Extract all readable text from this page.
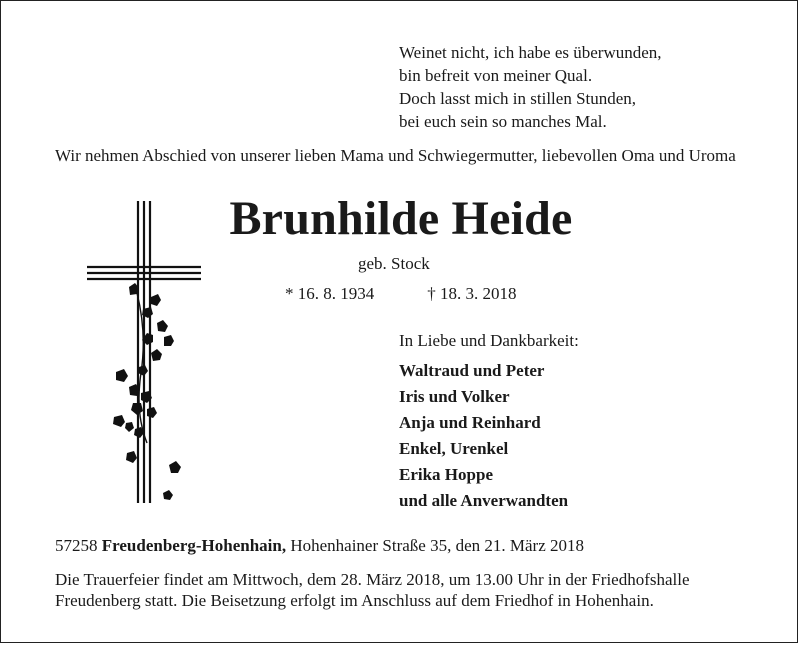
Weinet nicht, ich habe es überwunden,
bin befreit von meiner Qual.
Doch lasst mich in stillen Stunden,
bei euch sein so manches Mal.
Wir nehmen Abschied von unserer lieben Mama und Schwiegermutter, liebevollen Oma und Uroma
Brunhilde Heide
geb. Stock
* 16. 8. 1934	† 18. 3. 2018
In Liebe und Dankbarkeit:
Waltraud und Peter
Iris und Volker
Anja und Reinhard
Enkel, Urenkel
Erika Hoppe
und alle Anverwandten
57258 Freudenberg-Hohenhain, Hohenhainer Straße 35, den 21. März 2018
Die Trauerfeier findet am Mittwoch, dem 28. März 2018, um 13.00 Uhr in der Friedhofshalle Freudenberg statt. Die Beisetzung erfolgt im Anschluss auf dem Friedhof in Hohenhain.
